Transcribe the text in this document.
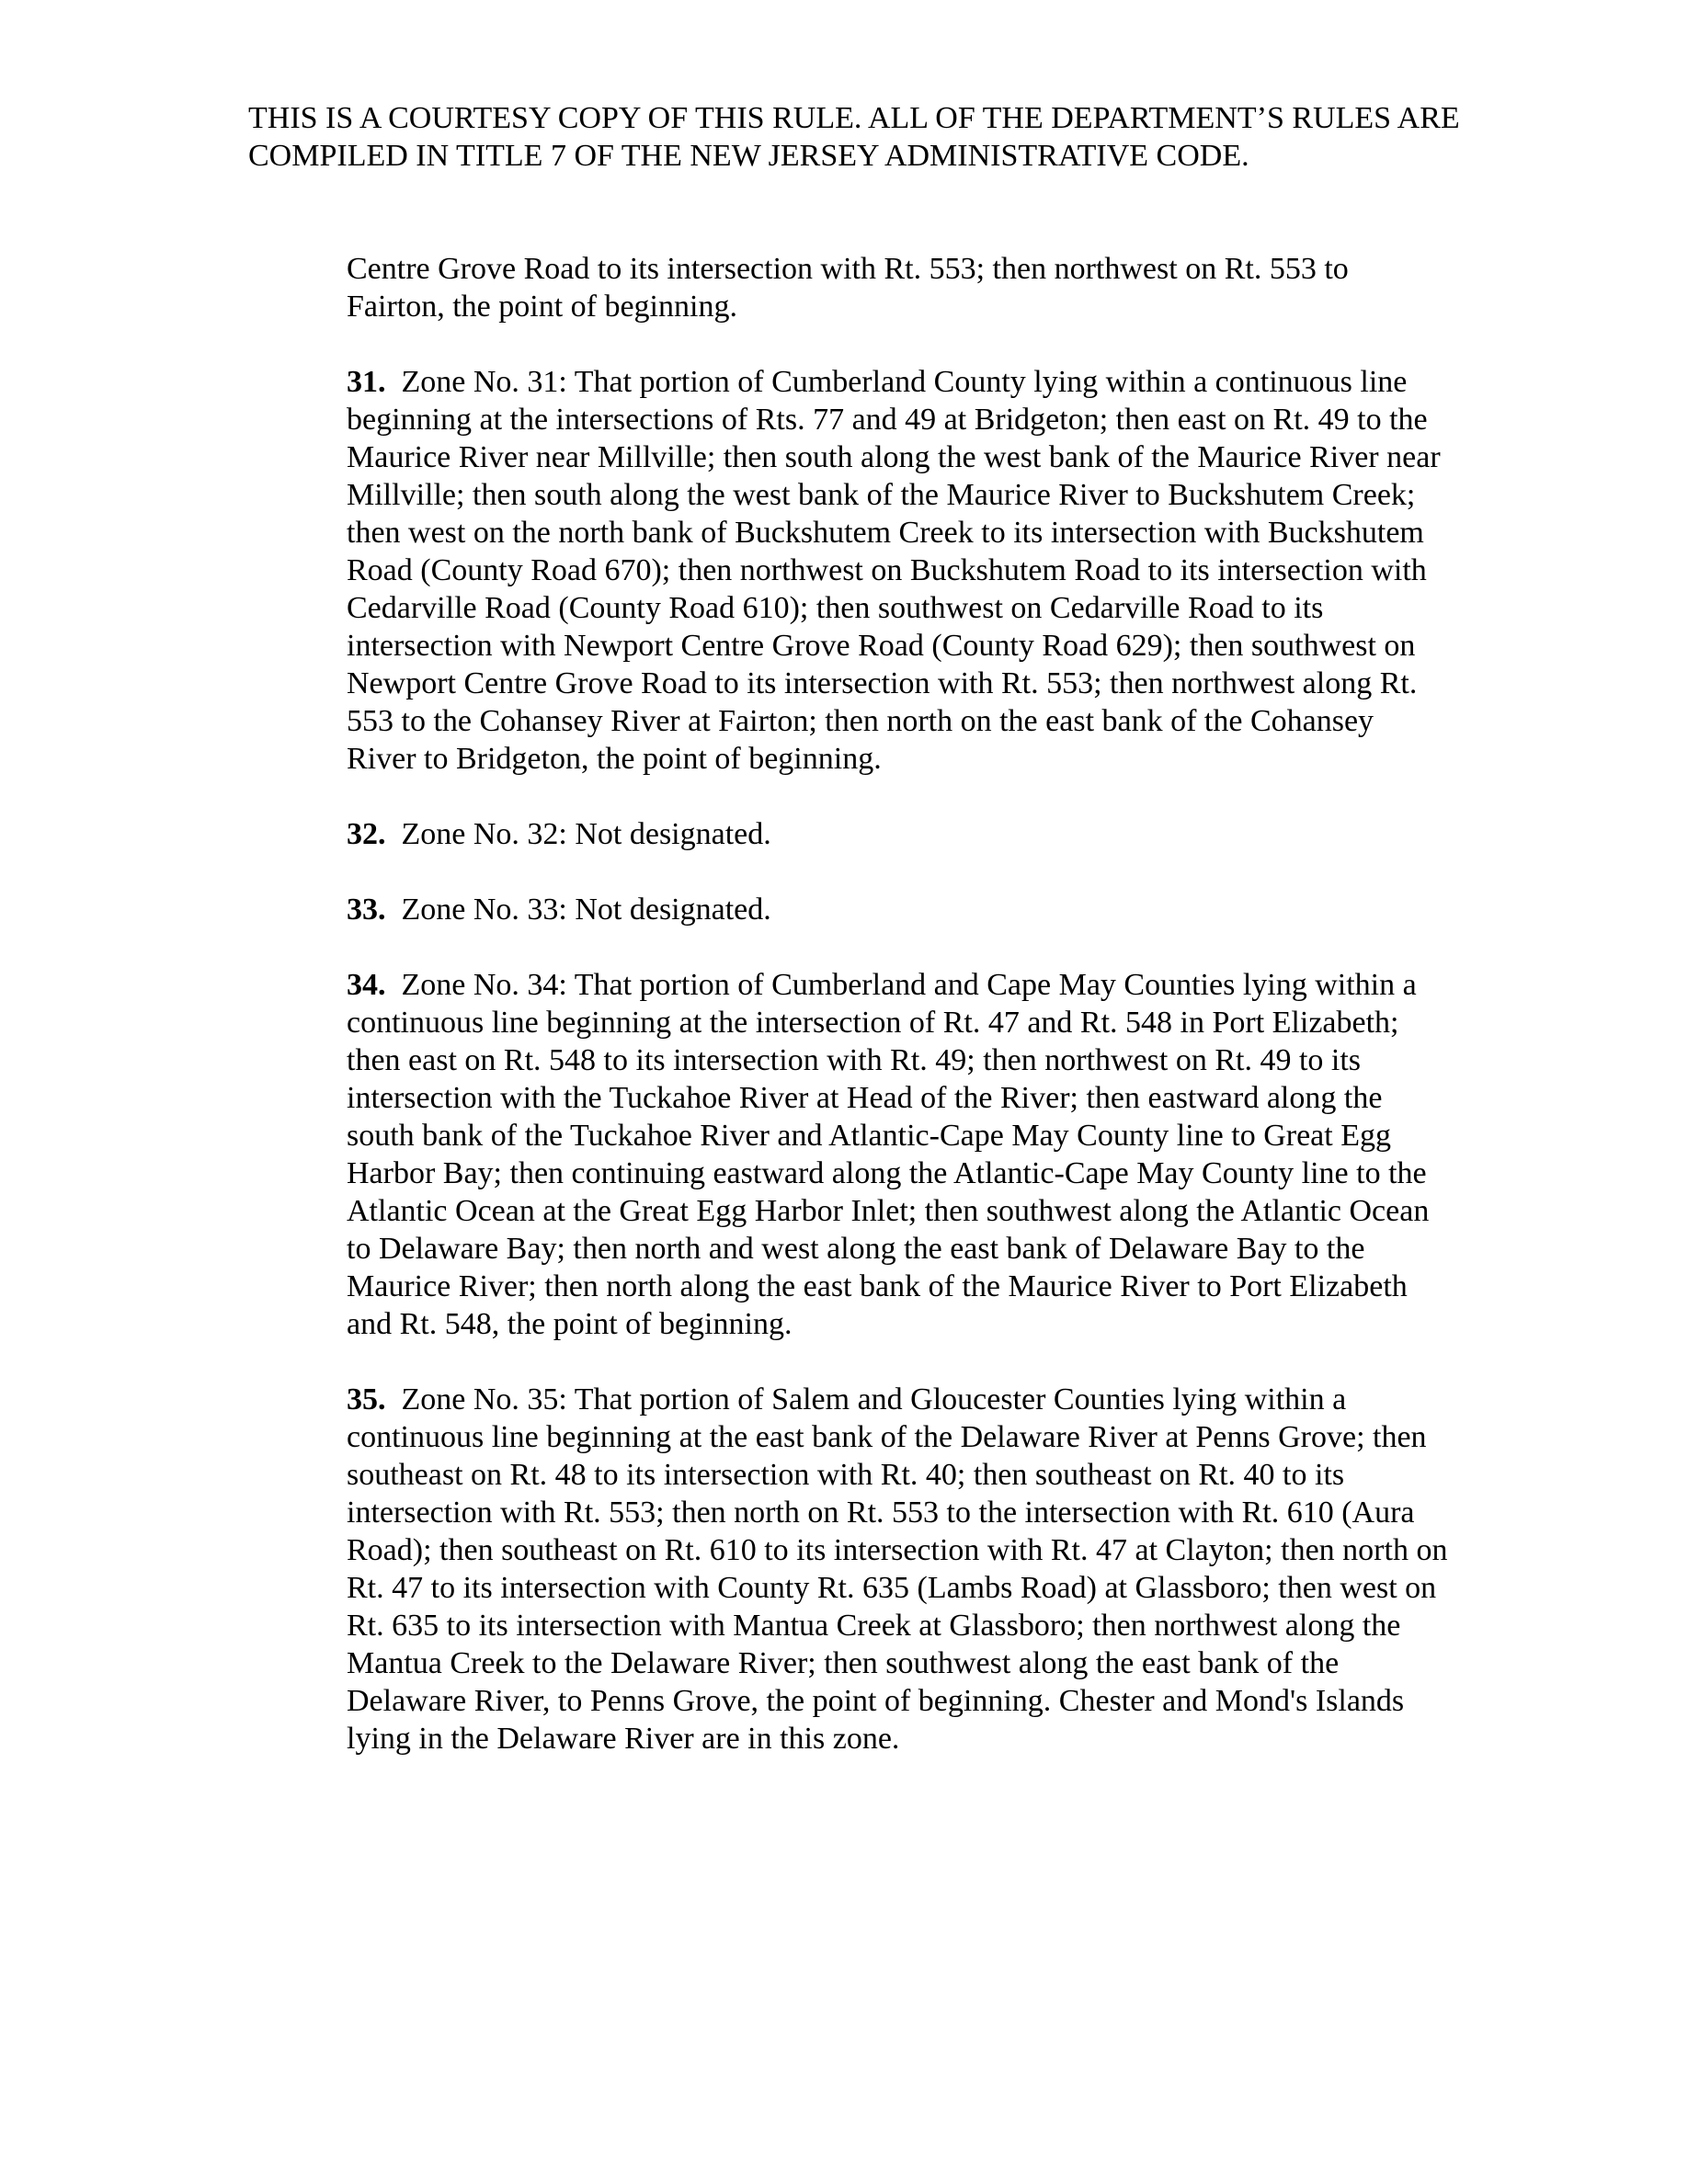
THIS IS A COURTESY COPY OF THIS RULE. ALL OF THE DEPARTMENT’S RULES ARE COMPILED IN TITLE 7 OF THE NEW JERSEY ADMINISTRATIVE CODE.

Centre Grove Road to its intersection with Rt. 553; then northwest on Rt. 553 to Fairton, the point of beginning.

31. Zone No. 31: That portion of Cumberland County lying within a continuous line beginning at the intersections of Rts. 77 and 49 at Bridgeton; then east on Rt. 49 to the Maurice River near Millville; then south along the west bank of the Maurice River near Millville; then south along the west bank of the Maurice River to Buckshutem Creek; then west on the north bank of Buckshutem Creek to its intersection with Buckshutem Road (County Road 670); then northwest on Buckshutem Road to its intersection with Cedarville Road (County Road 610); then southwest on Cedarville Road to its intersection with Newport Centre Grove Road (County Road 629); then southwest on Newport Centre Grove Road to its intersection with Rt. 553; then northwest along Rt. 553 to the Cohansey River at Fairton; then north on the east bank of the Cohansey River to Bridgeton, the point of beginning.

32. Zone No. 32: Not designated.

33. Zone No. 33: Not designated.

34. Zone No. 34: That portion of Cumberland and Cape May Counties lying within a continuous line beginning at the intersection of Rt. 47 and Rt. 548 in Port Elizabeth; then east on Rt. 548 to its intersection with Rt. 49; then northwest on Rt. 49 to its intersection with the Tuckahoe River at Head of the River; then eastward along the south bank of the Tuckahoe River and Atlantic-Cape May County line to Great Egg Harbor Bay; then continuing eastward along the Atlantic-Cape May County line to the Atlantic Ocean at the Great Egg Harbor Inlet; then southwest along the Atlantic Ocean to Delaware Bay; then north and west along the east bank of Delaware Bay to the Maurice River; then north along the east bank of the Maurice River to Port Elizabeth and Rt. 548, the point of beginning.

35. Zone No. 35: That portion of Salem and Gloucester Counties lying within a continuous line beginning at the east bank of the Delaware River at Penns Grove; then southeast on Rt. 48 to its intersection with Rt. 40; then southeast on Rt. 40 to its intersection with Rt. 553; then north on Rt. 553 to the intersection with Rt. 610 (Aura Road); then southeast on Rt. 610 to its intersection with Rt. 47 at Clayton; then north on Rt. 47 to its intersection with County Rt. 635 (Lambs Road) at Glassboro; then west on Rt. 635 to its intersection with Mantua Creek at Glassboro; then northwest along the Mantua Creek to the Delaware River; then southwest along the east bank of the Delaware River, to Penns Grove, the point of beginning. Chester and Mond's Islands lying in the Delaware River are in this zone.
